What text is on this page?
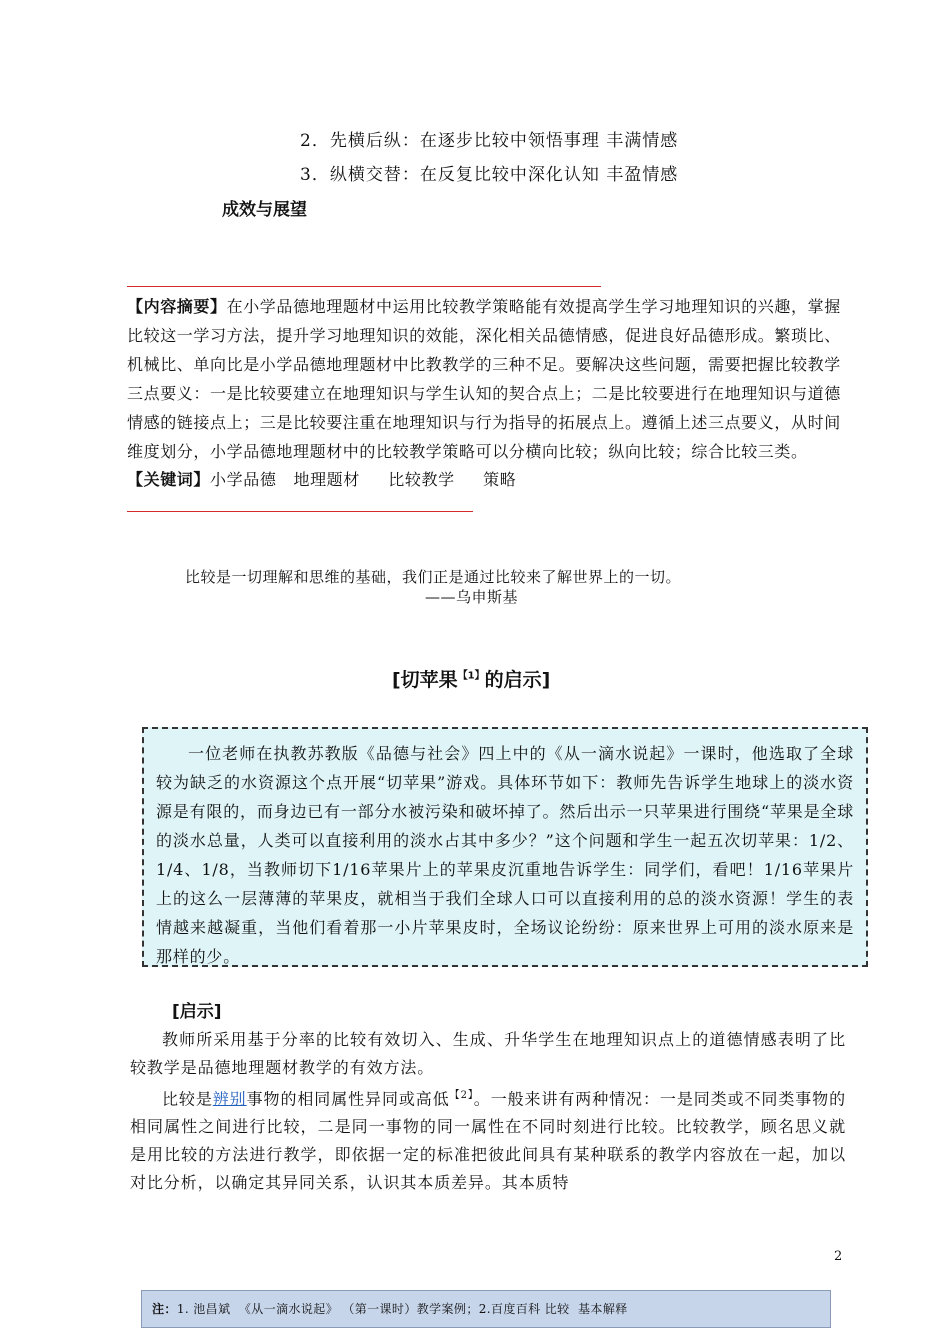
2．先横后纵：在逐步比较中领悟事理 丰满情感
3．纵横交替：在反复比较中深化认知 丰盈情感
成效与展望
【内容摘要】在小学品德地理题材中运用比较教学策略能有效提高学生学习地理知识的兴趣，掌握比较这一学习方法，提升学习地理知识的效能，深化相关品德情感，促进良好品德形成。繁琐比、机械比、单向比是小学品德地理题材中比教教学的三种不足。要解决这些问题，需要把握比较教学三点要义：一是比较要建立在地理知识与学生认知的契合点上；二是比较要进行在地理知识与道德情感的链接点上；三是比较要注重在地理知识与行为指导的拓展点上。遵循上述三点要义，从时间维度划分，小学品德地理题材中的比较教学策略可以分横向比较；纵向比较；综合比较三类。
【关键词】小学品德   地理题材     比较教学     策略
比较是一切理解和思维的基础，我们正是通过比较来了解世界上的一切。
——乌申斯基
[切苹果$^{【1】}$的启示]

一位老师在执教苏教版《品德与社会》四上中的《从一滴水说起》一课时，他选取了全球较为缺乏的水资源这个点开展“切苹果”游戏。具体环节如下：教师先告诉学生地球上的淡水资源是有限的，而身边已有一部分水被污染和破坏掉了。然后出示一只苹果进行围绕“苹果是全球的淡水总量，人类可以直接利用的淡水占其中多少？”这个问题和学生一起五次切苹果：1/2、1/4、1/8，当教师切下1/16苹果片上的苹果皮沉重地告诉学生：同学们，看吧！1/16苹果片上的这么一层薄薄的苹果皮，就相当于我们全球人口可以直接利用的总的淡水资源！学生的表情越来越凝重，当他们看着那一小片苹果皮时，全场议论纷纷：原来世界上可用的淡水原来是那样的少。

[启示]

教师所采用基于分率的比较有效切入、生成、升华学生在地理知识点上的道德情感表明了比较教学是品德地理题材教学的有效方法。

比较是辨别事物的相同属性异同或高低$^{【2】}$。一般来讲有两种情况：一是同类或不同类事物的相同属性之间进行比较，二是同一事物的同一属性在不同时刻进行比较。比较教学，顾名思义就是用比较的方法进行教学，即依据一定的标准把彼此间具有某种联系的教学内容放在一起，加以对比分析，以确定其异同关系，认识其本质差异。其本质特

2
注：1. 池昌斌  《从一滴水说起》 （第一课时）教学案例；2.百度百科 比较  基本解释
